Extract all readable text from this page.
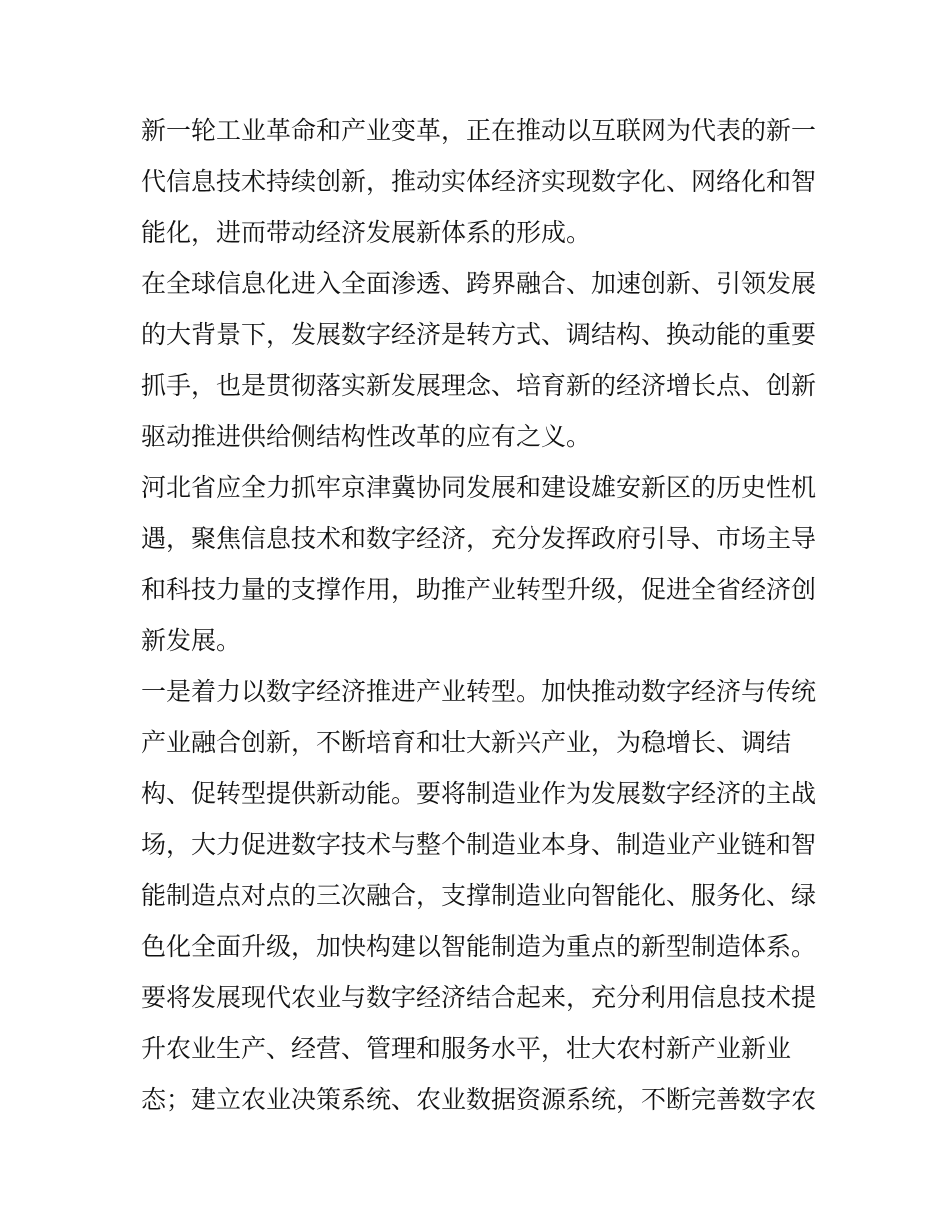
新一轮工业革命和产业变革，正在推动以互联网为代表的新一
代信息技术持续创新，推动实体经济实现数字化、网络化和智
能化，进而带动经济发展新体系的形成。
在全球信息化进入全面渗透、跨界融合、加速创新、引领发展
的大背景下，发展数字经济是转方式、调结构、换动能的重要
抓手，也是贯彻落实新发展理念、培育新的经济增长点、创新
驱动推进供给侧结构性改革的应有之义。
河北省应全力抓牢京津冀协同发展和建设雄安新区的历史性机
遇，聚焦信息技术和数字经济，充分发挥政府引导、市场主导
和科技力量的支撑作用，助推产业转型升级，促进全省经济创
新发展。
一是着力以数字经济推进产业转型。加快推动数字经济与传统
产业融合创新，不断培育和壮大新兴产业，为稳增长、调结
构、促转型提供新动能。要将制造业作为发展数字经济的主战
场，大力促进数字技术与整个制造业本身、制造业产业链和智
能制造点对点的三次融合，支撑制造业向智能化、服务化、绿
色化全面升级，加快构建以智能制造为重点的新型制造体系。
要将发展现代农业与数字经济结合起来，充分利用信息技术提
升农业生产、经营、管理和服务水平，壮大农村新产业新业
态；建立农业决策系统、农业数据资源系统，不断完善数字农
